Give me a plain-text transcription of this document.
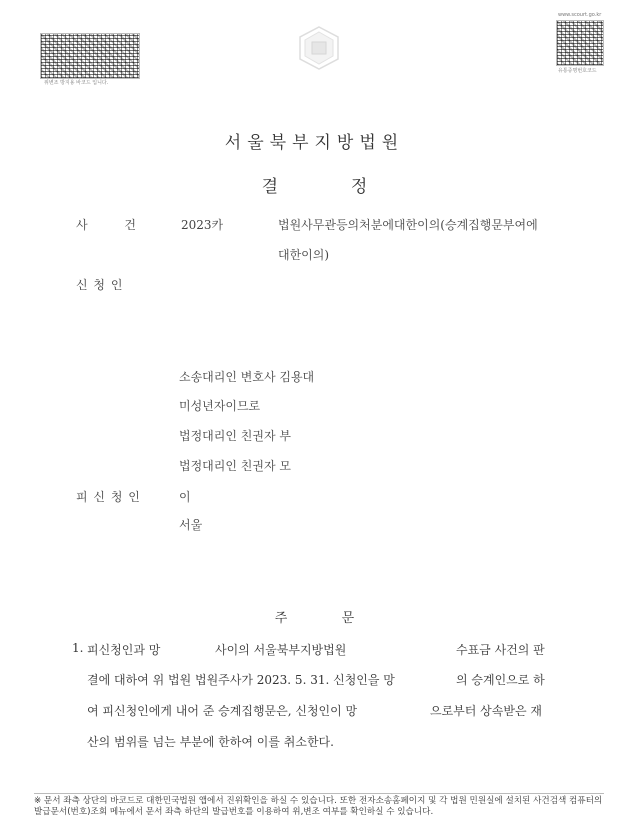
위변조 방지용 바코드 입니다.
www.scourt.go.kr
유통증명번호코드
서울북부지방법원
결	정
사	건	2023카	법원사무관등의처분에대한이의(승계집행문부여에
대한이의)
신 청 인
소송대리인 변호사 김용대
미성년자이므로
법정대리인 친권자 부
법정대리인 친권자 모
피 신 청 인	이
서울
주	문
1. 피신청인과 망	사이의 서울북부지방법원	수표금 사건의 판
결에 대하여 위 법원 법원주사가 2023. 5. 31. 신청인을 망	의 승계인으로 하
여 피신청인에게 내어 준 승계집행문은, 신청인이 망	으로부터 상속받은 재
산의 범위를 넘는 부분에 한하여 이를 취소한다.
※ 문서 좌측 상단의 바코드로 대한민국법원 앱에서 진위확인을 하실 수 있습니다. 또한 전자소송홈페이지 및 각 법원 민원실에 설치된 사건검색 컴퓨터의 발급문서(번호)조회 메뉴에서 문서 좌측 하단의 발급번호를 이용하여 위,변조 여부를 확인하실 수 있습니다.
